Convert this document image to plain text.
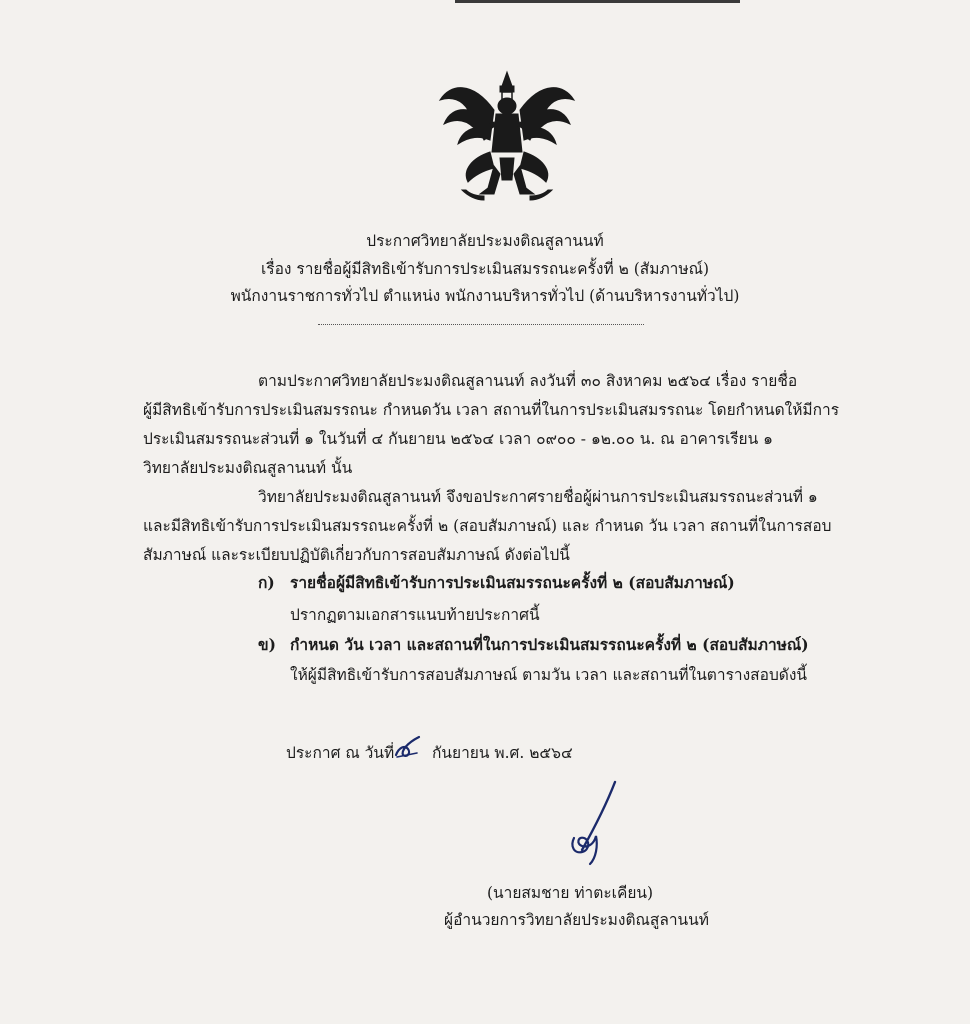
ประกาศวิทยาลัยประมงติณสูลานนท์
เรื่อง รายชื่อผู้มีสิทธิเข้ารับการประเมินสมรรถนะครั้งที่ ๒ (สัมภาษณ์)
พนักงานราชการทั่วไป ตำแหน่ง พนักงานบริหารทั่วไป (ด้านบริหารงานทั่วไป)
ตามประกาศวิทยาลัยประมงติณสูลานนท์ ลงวันที่ ๓๐ สิงหาคม ๒๕๖๔ เรื่อง รายชื่อ
ผู้มีสิทธิเข้ารับการประเมินสมรรถนะ กำหนดวัน เวลา สถานที่ในการประเมินสมรรถนะ โดยกำหนดให้มีการ
ประเมินสมรรถนะส่วนที่ ๑ ในวันที่ ๔ กันยายน ๒๕๖๔ เวลา ๐๙๐๐ - ๑๒.๐๐ น. ณ อาคารเรียน ๑
วิทยาลัยประมงติณสูลานนท์ นั้น
วิทยาลัยประมงติณสูลานนท์ จึงขอประกาศรายชื่อผู้ผ่านการประเมินสมรรถนะส่วนที่ ๑
และมีสิทธิเข้ารับการประเมินสมรรถนะครั้งที่ ๒ (สอบสัมภาษณ์) และ กำหนด วัน เวลา สถานที่ในการสอบ
สัมภาษณ์ และระเบียบปฏิบัติเกี่ยวกับการสอบสัมภาษณ์ ดังต่อไปนี้
ก) รายชื่อผู้มีสิทธิเข้ารับการประเมินสมรรถนะครั้งที่ ๒ (สอบสัมภาษณ์)
ปรากฏตามเอกสารแนบท้ายประกาศนี้
ข) กำหนด วัน เวลา และสถานที่ในการประเมินสมรรถนะครั้งที่ ๒ (สอบสัมภาษณ์)
ให้ผู้มีสิทธิเข้ารับการสอบสัมภาษณ์ ตามวัน เวลา และสถานที่ในตารางสอบดังนี้
ประกาศ ณ วันที่ กันยายน พ.ศ. ๒๕๖๔
(นายสมชาย ท่าตะเคียน)
ผู้อำนวยการวิทยาลัยประมงติณสูลานนท์
